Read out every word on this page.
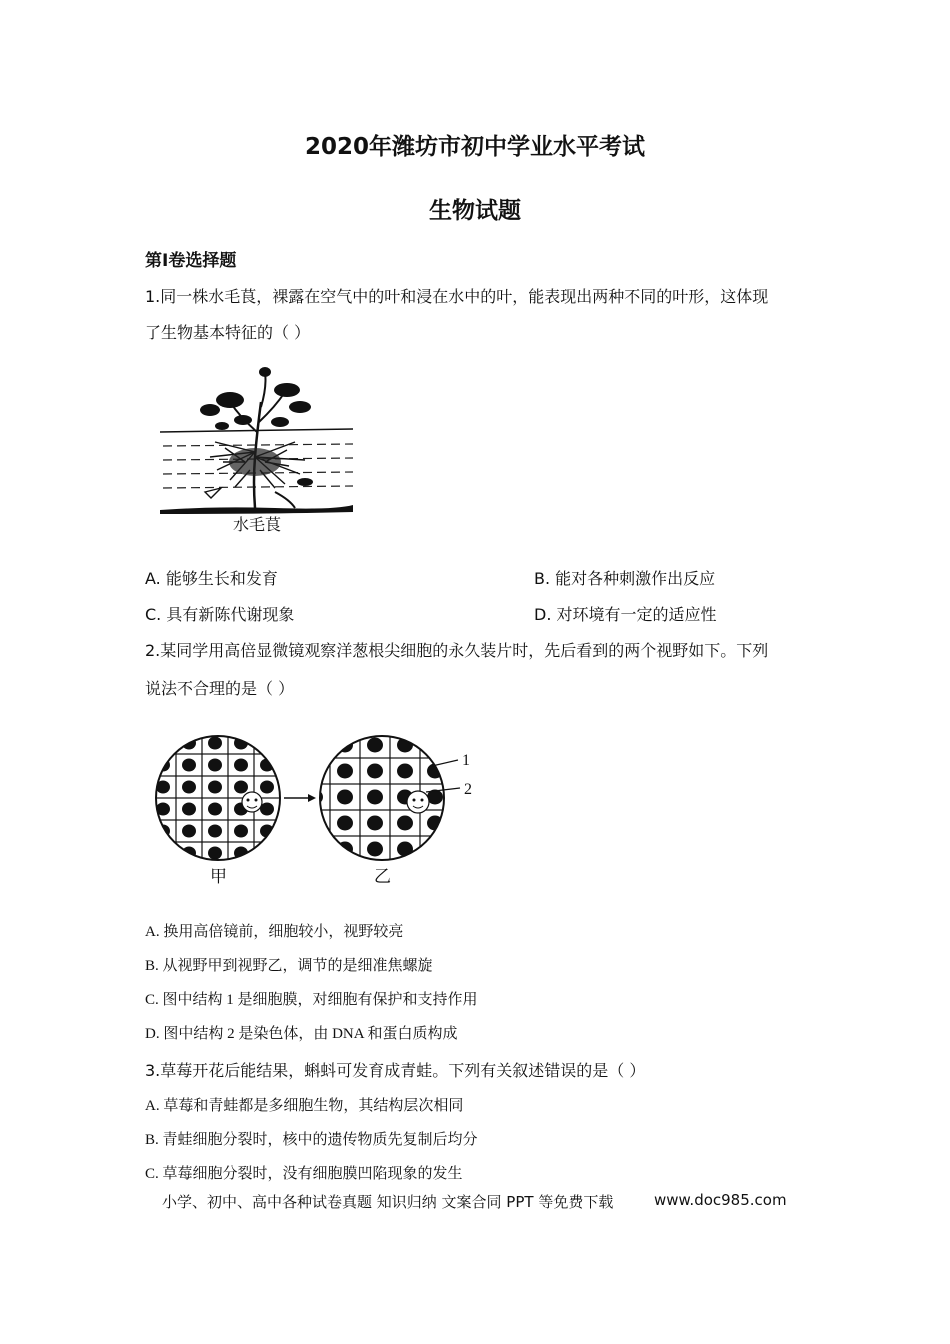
2020年潍坊市初中学业水平考试
生物试题
第Ⅰ卷选择题
1.同一株水毛茛，裸露在空气中的叶和浸在水中的叶，能表现出两种不同的叶形，这体现
了生物基本特征的（ ）
水毛茛
A. 能够生长和发育	B. 能对各种刺激作出反应
C. 具有新陈代谢现象	D. 对环境有一定的适应性
2.某同学用高倍显微镜观察洋葱根尖细胞的永久装片时，先后看到的两个视野如下。下列
说法不合理的是（ ）
1
2
甲	乙
A. 换用高倍镜前，细胞较小，视野较亮
B. 从视野甲到视野乙，调节的是细准焦螺旋
C. 图中结构 1 是细胞膜，对细胞有保护和支持作用
D. 图中结构 2 是染色体，由 DNA 和蛋白质构成
3.草莓开花后能结果，蝌蚪可发育成青蛙。下列有关叙述错误的是（ ）
A. 草莓和青蛙都是多细胞生物，其结构层次相同
B. 青蛙细胞分裂时，核中的遗传物质先复制后均分
C. 草莓细胞分裂时，没有细胞膜凹陷现象的发生
小学、初中、高中各种试卷真题 知识归纳 文案合同 PPT 等免费下载	www.doc985.com
